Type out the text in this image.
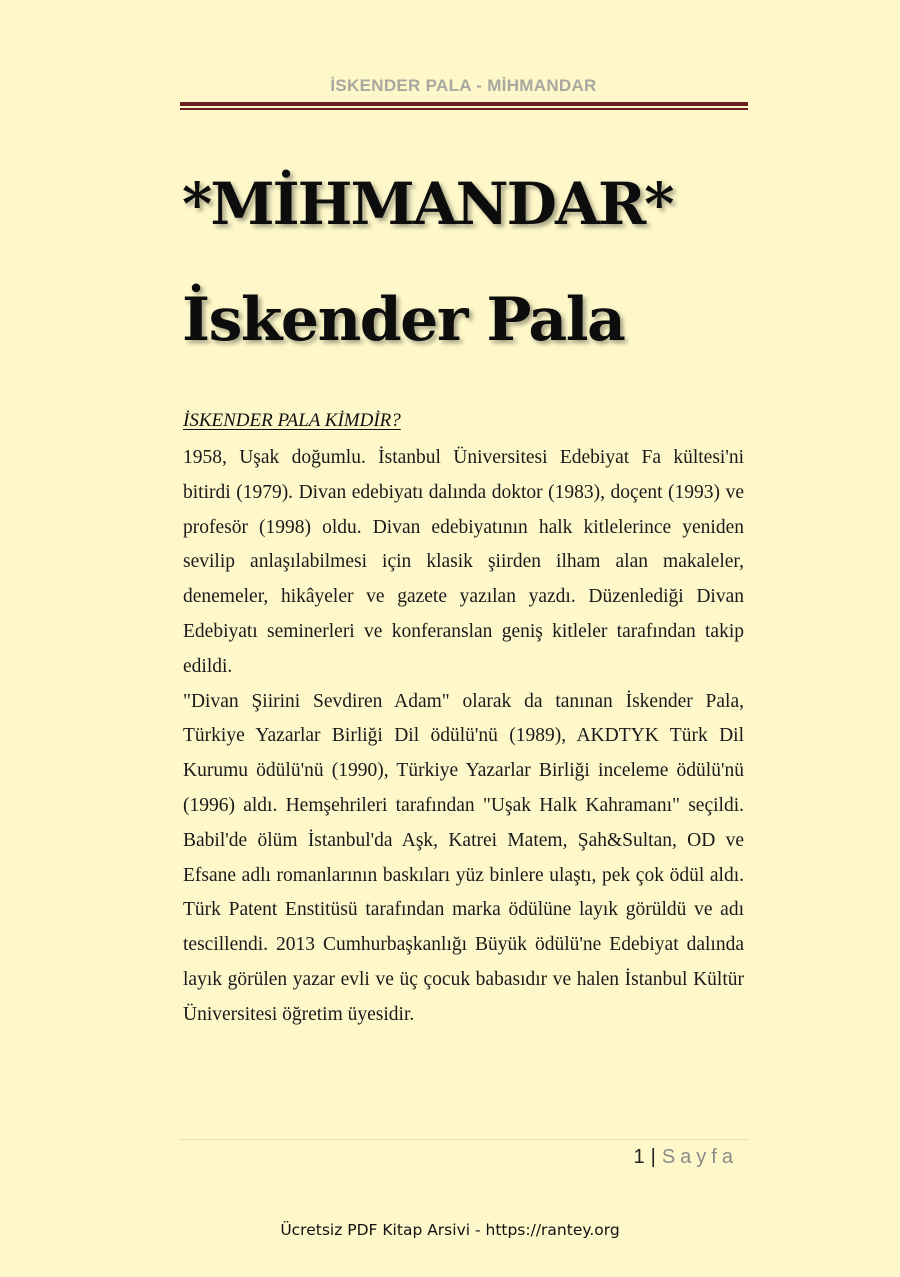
İSKENDER PALA - MİHMANDAR
*MİHMANDAR*
İskender Pala
İSKENDER PALA KİMDİR?

1958, Uşak doğumlu. İstanbul Üniversitesi Edebiyat Fa kültesi'ni bitirdi (1979). Divan edebiyatı dalında doktor (1983), doçent (1993) ve profesör (1998) oldu. Divan edebiyatının halk kitlelerince yeniden sevilip anlaşılabilmesi için klasik şiirden ilham alan makaleler, denemeler, hikâyeler ve gazete yazılan yazdı. Düzenlediği Divan Edebiyatı seminerleri ve konferanslan geniş kitleler tarafından takip edildi.

"Divan Şiirini Sevdiren Adam" olarak da tanınan İskender Pala, Türkiye Yazarlar Birliği Dil ödülü'nü (1989), AKDTYK Türk Dil Kurumu ödülü'nü (1990), Türkiye Yazarlar Birliği inceleme ödülü'nü (1996) aldı. Hemşehrileri tarafından "Uşak Halk Kahramanı" seçildi. Babil'de ölüm İstanbul'da Aşk, Katrei Matem, Şah&Sultan, OD ve Efsane adlı romanlarının baskıları yüz binlere ulaştı, pek çok ödül aldı. Türk Patent Enstitüsü tarafından marka ödülüne layık görüldü ve adı tescillendi. 2013 Cumhurbaşkanlığı Büyük ödülü'ne Edebiyat dalında layık görülen yazar evli ve üç çocuk babasıdır ve halen İstanbul Kültür Üniversitesi öğretim üyesidir.

1 | Sayfa
Ücretsiz PDF Kitap Arsivi - https://rantey.org
